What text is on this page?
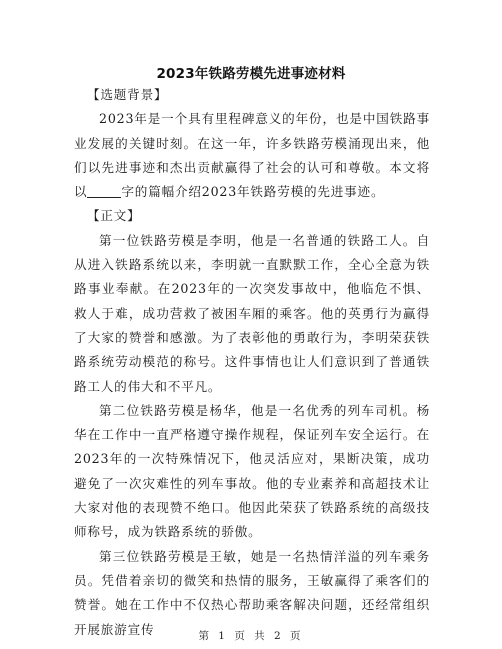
2023年铁路劳模先进事迹材料

【选题背景】

2023年是一个具有里程碑意义的年份，也是中国铁路事业发展的关键时刻。在这一年，许多铁路劳模涌现出来，他们以先进事迹和杰出贡献赢得了社会的认可和尊敬。本文将以	字的篇幅介绍2023年铁路劳模的先进事迹。

【正文】

第一位铁路劳模是李明，他是一名普通的铁路工人。自从进入铁路系统以来，李明就一直默默工作，全心全意为铁路事业奉献。在2023年的一次突发事故中，他临危不惧、救人于难，成功营救了被困车厢的乘客。他的英勇行为赢得了大家的赞誉和感激。为了表彰他的勇敢行为，李明荣获铁路系统劳动模范的称号。这件事情也让人们意识到了普通铁路工人的伟大和不平凡。

第二位铁路劳模是杨华，他是一名优秀的列车司机。杨华在工作中一直严格遵守操作规程，保证列车安全运行。在2023年的一次特殊情况下，他灵活应对，果断决策，成功避免了一次灾难性的列车事故。他的专业素养和高超技术让大家对他的表现赞不绝口。他因此荣获了铁路系统的高级技师称号，成为铁路系统的骄傲。

第三位铁路劳模是王敏，她是一名热情洋溢的列车乘务员。凭借着亲切的微笑和热情的服务，王敏赢得了乘客们的赞誉。她在工作中不仅热心帮助乘客解决问题，还经常组织开展旅游宣传	第 1 页 共 2 页
